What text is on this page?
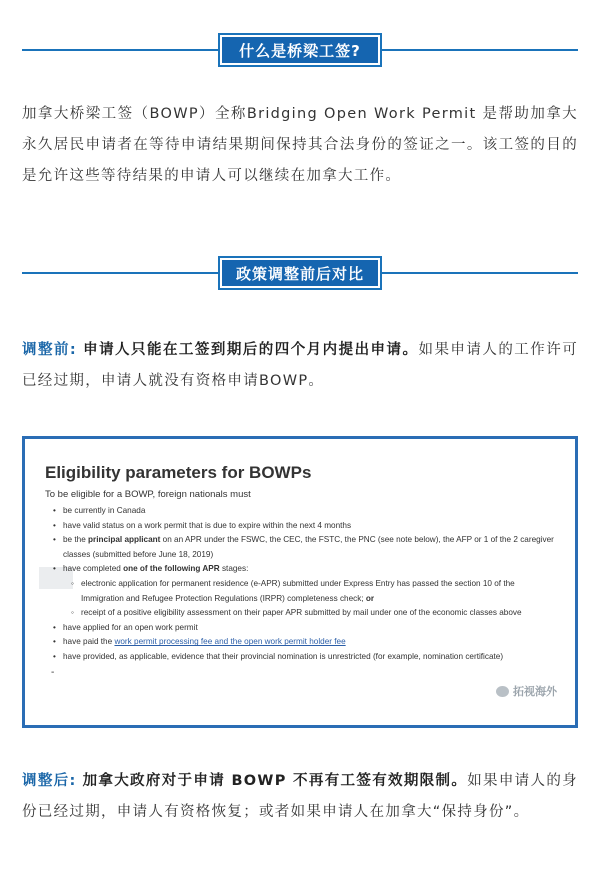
什么是桥梁工签?

加拿大桥梁工签（BOWP）全称Bridging Open Work Permit 是帮助加拿大永久居民申请者在等待申请结果期间保持其合法身份的签证之一。该工签的目的是允许这些等待结果的申请人可以继续在加拿大工作。

政策调整前后对比

调整前: 申请人只能在工签到期后的四个月内提出申请。如果申请人的工作许可已经过期，申请人就没有资格申请BOWP。

Eligibility parameters for BOWPs
To be eligible for a BOWP, foreign nationals must
• be currently in Canada
• have valid status on a work permit that is due to expire within the next 4 months
• be the principal applicant on an APR under the FSWC, the CEC, the FSTC, the PNC (see note below), the AFP or 1 of the 2 caregiver classes (submitted before June 18, 2019)
• have completed one of the following APR stages:
◦ electronic application for permanent residence (e-APR) submitted under Express Entry has passed the section 10 of the Immigration and Refugee Protection Regulations (IRPR) completeness check; or
◦ receipt of a positive eligibility assessment on their paper APR submitted by mail under one of the economic classes above
• have applied for an open work permit
• have paid the work permit processing fee and the open work permit holder fee
• have provided, as applicable, evidence that their provincial nomination is unrestricted (for example, nomination certificate)
-
拓视海外

调整后: 加拿大政府对于申请 BOWP 不再有工签有效期限制。如果申请人的身份已经过期，申请人有资格恢复；或者如果申请人在加拿大“保持身份”。
